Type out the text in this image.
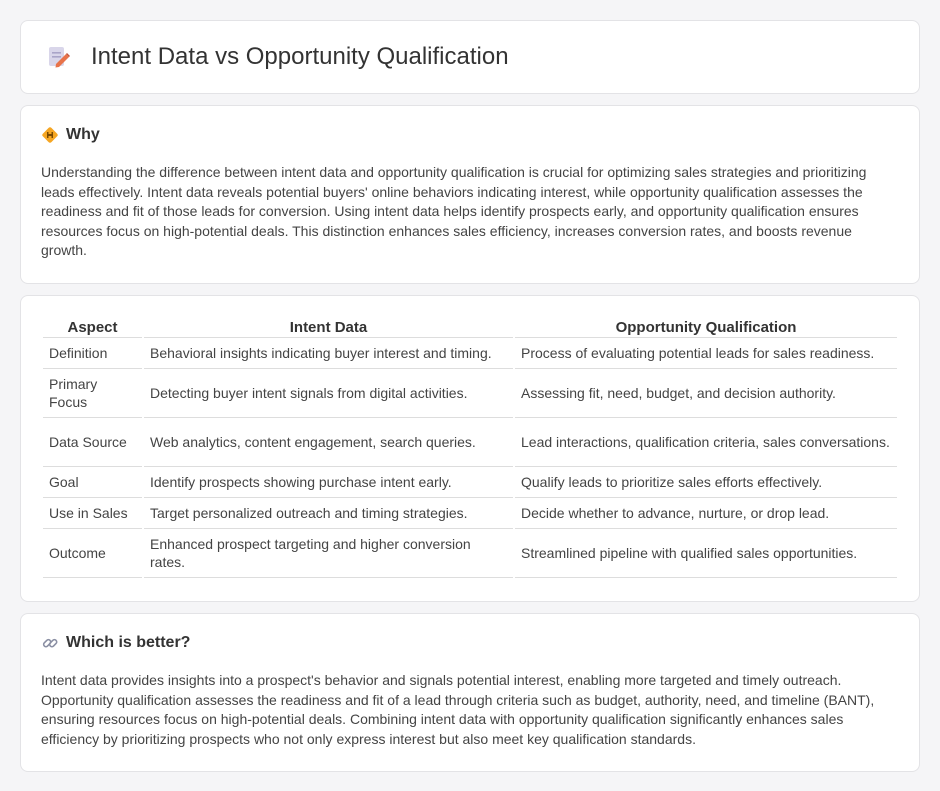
Intent Data vs Opportunity Qualification
Why

Understanding the difference between intent data and opportunity qualification is crucial for optimizing sales strategies and prioritizing leads effectively. Intent data reveals potential buyers' online behaviors indicating interest, while opportunity qualification assesses the readiness and fit of those leads for conversion. Using intent data helps identify prospects early, and opportunity qualification ensures resources focus on high-potential deals. This distinction enhances sales efficiency, increases conversion rates, and boosts revenue growth.

Aspect	Intent Data	Opportunity Qualification
Definition	Behavioral insights indicating buyer interest and timing.	Process of evaluating potential leads for sales readiness.
Primary Focus	Detecting buyer intent signals from digital activities.	Assessing fit, need, budget, and decision authority.
Data Source	Web analytics, content engagement, search queries.	Lead interactions, qualification criteria, sales conversations.
Goal	Identify prospects showing purchase intent early.	Qualify leads to prioritize sales efforts effectively.
Use in Sales	Target personalized outreach and timing strategies.	Decide whether to advance, nurture, or drop lead.
Outcome	Enhanced prospect targeting and higher conversion rates.	Streamlined pipeline with qualified sales opportunities.
Which is better?

Intent data provides insights into a prospect's behavior and signals potential interest, enabling more targeted and timely outreach. Opportunity qualification assesses the readiness and fit of a lead through criteria such as budget, authority, need, and timeline (BANT), ensuring resources focus on high-potential deals. Combining intent data with opportunity qualification significantly enhances sales efficiency by prioritizing prospects who not only express interest but also meet key qualification standards.
